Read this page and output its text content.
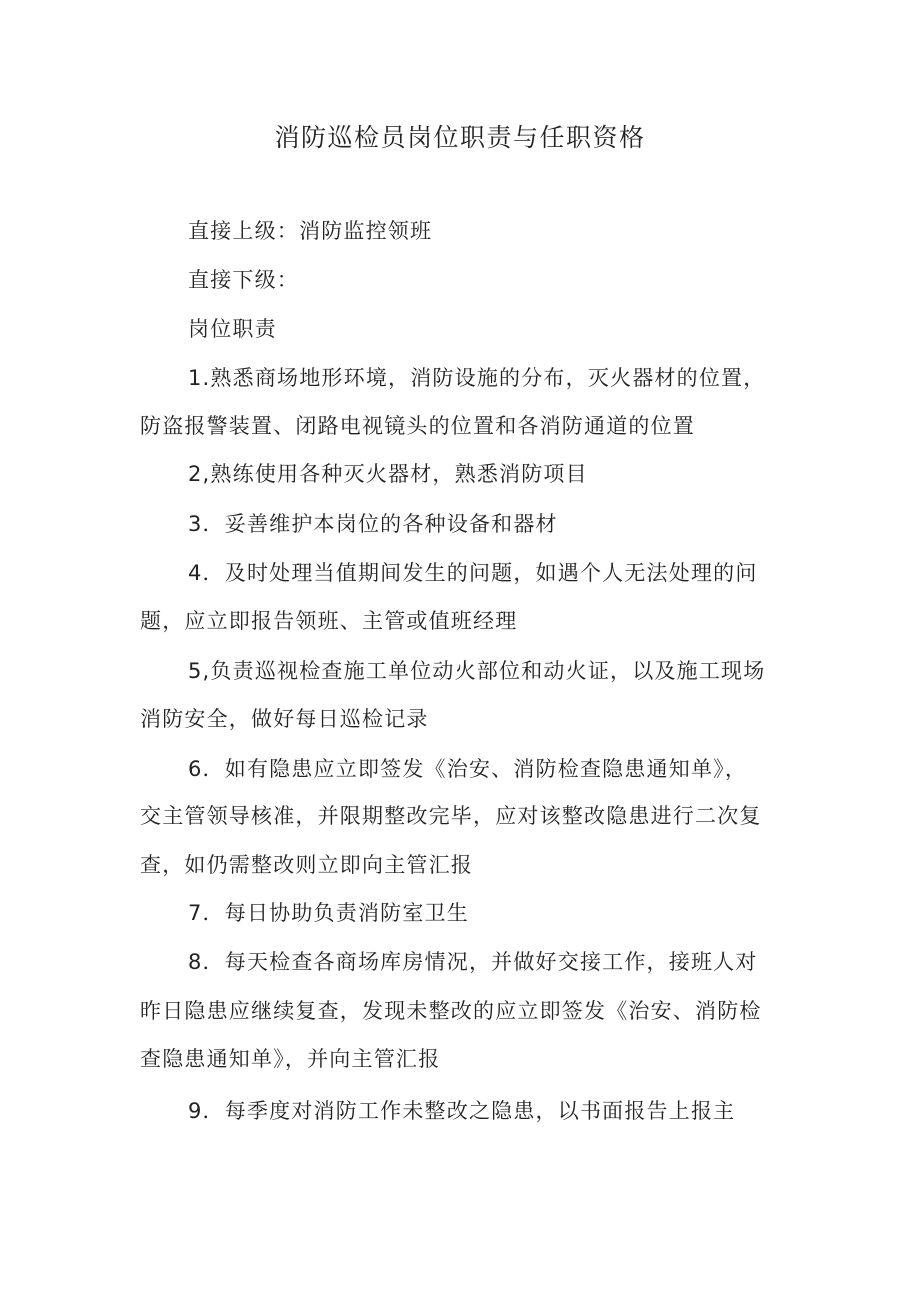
消防巡检员岗位职责与任职资格
直接上级：消防监控领班
直接下级：
岗位职责
1.熟悉商场地形环境，消防设施的分布，灭火器材的位置，
防盗报警装置、闭路电视镜头的位置和各消防通道的位置
2,熟练使用各种灭火器材，熟悉消防项目
3．妥善维护本岗位的各种设备和器材
4．及时处理当值期间发生的问题，如遇个人无法处理的问
题，应立即报告领班、主管或值班经理
5,负责巡视检查施工单位动火部位和动火证，以及施工现场
消防安全，做好每日巡检记录
6．如有隐患应立即签发《治安、消防检查隐患通知单》，
交主管领导核准，并限期整改完毕，应对该整改隐患进行二次复
查，如仍需整改则立即向主管汇报
7．每日协助负责消防室卫生
8．每天检查各商场库房情况，并做好交接工作，接班人对
昨日隐患应继续复查，发现未整改的应立即签发《治安、消防检
查隐患通知单》，并向主管汇报
9．每季度对消防工作未整改之隐患，以书面报告上报主
